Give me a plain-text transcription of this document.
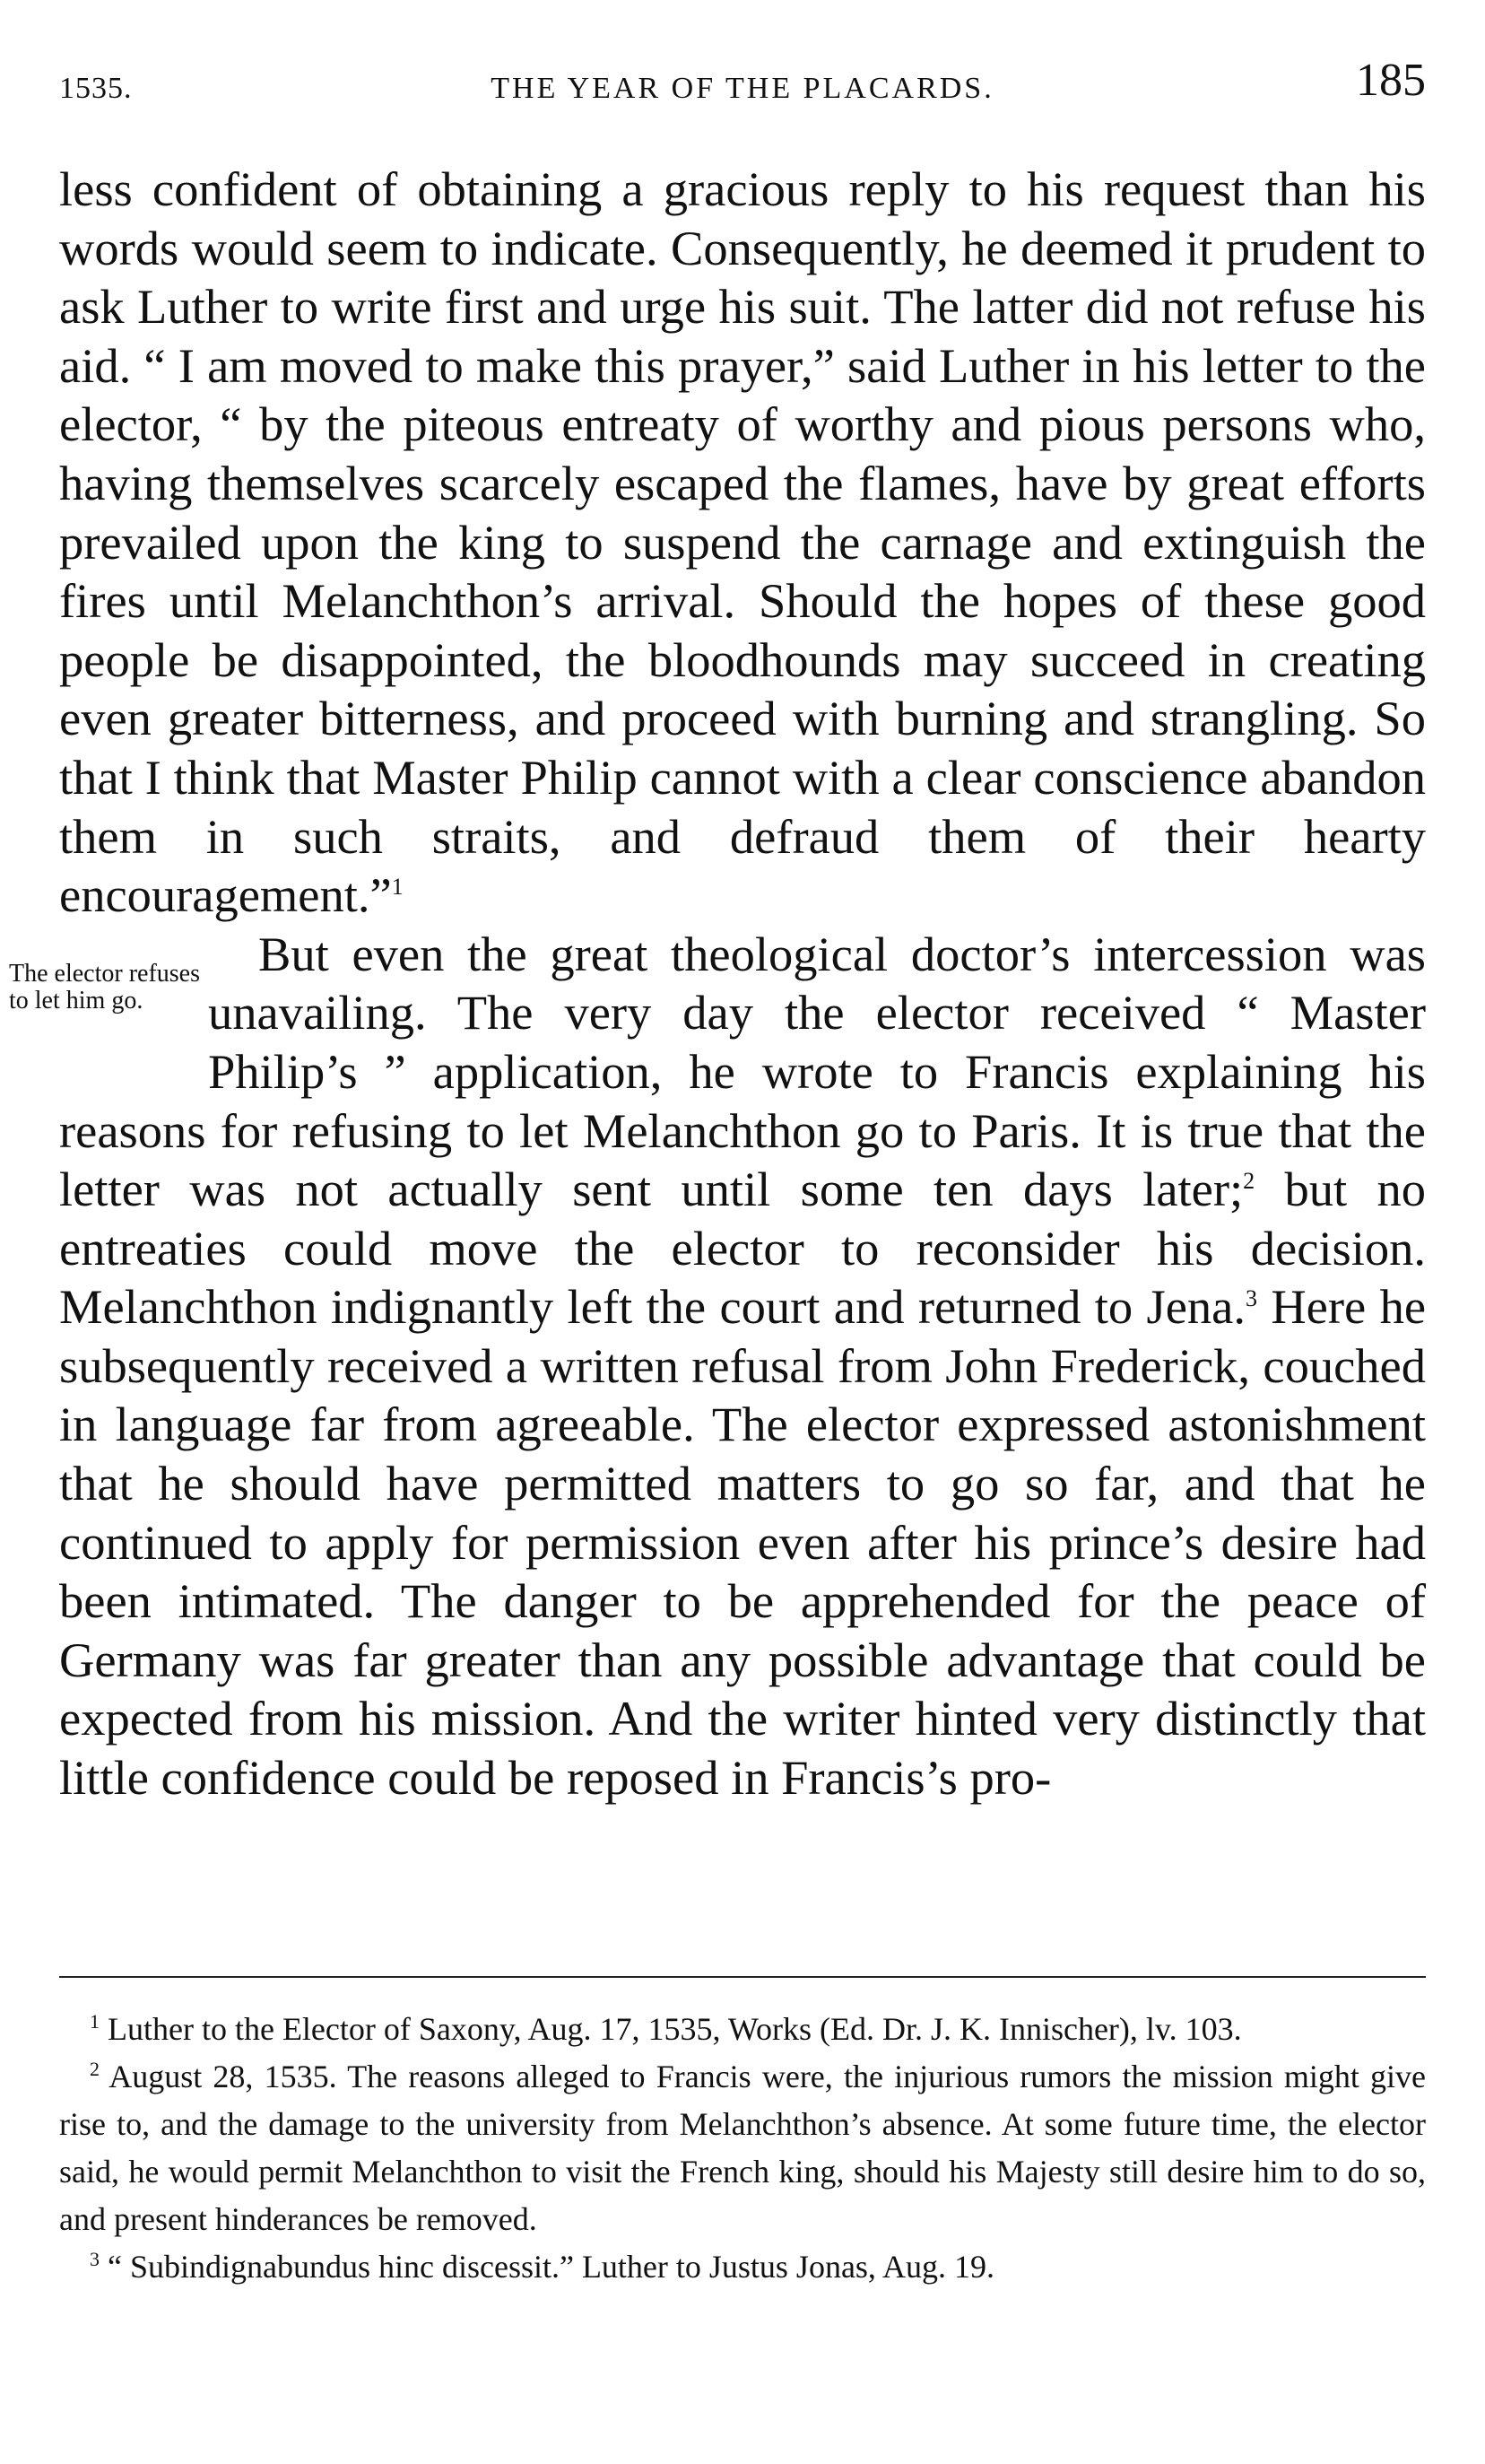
1535.	THE YEAR OF THE PLACARDS.	185

less confident of obtaining a gracious reply to his request than his words would seem to indicate. Consequently, he deemed it prudent to ask Luther to write first and urge his suit. The latter did not refuse his aid. “ I am moved to make this prayer,” said Luther in his letter to the elector, “ by the piteous entreaty of worthy and pious persons who, having themselves scarcely escaped the flames, have by great efforts prevailed upon the king to suspend the carnage and extinguish the fires until Melanchthon’s arrival. Should the hopes of these good people be disappointed, the bloodhounds may succeed in creating even greater bitterness, and proceed with burning and strangling. So that I think that Master Philip cannot with a clear conscience abandon them in such straits, and defraud them of their hearty encouragement.”$^1$

The elector refuses to let him go.
But even the great theological doctor’s intercession was unavailing. The very day the elector received “ Master Philip’s ” application, he wrote to Francis explaining his reasons for refusing to let Melanchthon go to Paris. It is true that the letter was not actually sent until some ten days later;$^2$ but no entreaties could move the elector to reconsider his decision. Melanchthon indignantly left the court and returned to Jena.$^3$ Here he subsequently received a written refusal from John Frederick, couched in language far from agreeable. The elector expressed astonishment that he should have permitted matters to go so far, and that he continued to apply for permission even after his prince’s desire had been intimated. The danger to be apprehended for the peace of Germany was far greater than any possible advantage that could be expected from his mission. And the writer hinted very distinctly that little confidence could be reposed in Francis’s pro-

$^1$ Luther to the Elector of Saxony, Aug. 17, 1535, Works (Ed. Dr. J. K. Innischer), lv. 103.

$^2$ August 28, 1535. The reasons alleged to Francis were, the injurious rumors the mission might give rise to, and the damage to the university from Melanchthon’s absence. At some future time, the elector said, he would permit Melanchthon to visit the French king, should his Majesty still desire him to do so, and present hinderances be removed.

$^3$ “ Subindignabundus hinc discessit.” Luther to Justus Jonas, Aug. 19.
